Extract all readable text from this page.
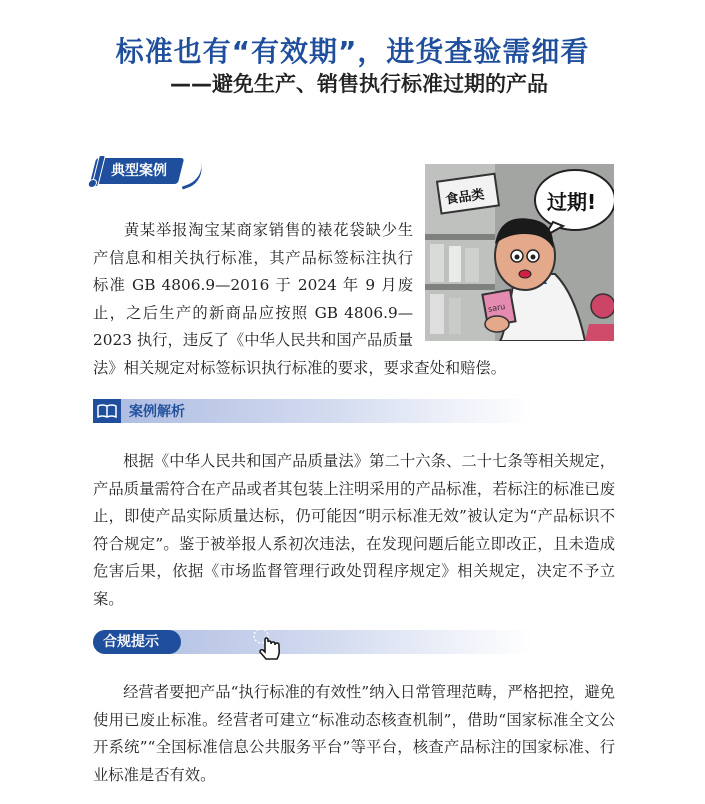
标准也有“有效期”，进货查验需细看
——避免生产、销售执行标准过期的产品
典型案例
食品类	过期!
saru

黄某举报淘宝某商家销售的裱花袋缺少生产信息和相关执行标准，其产品标签标注执行标准 GB 4806.9—2016 于 2024 年 9 月废止，之后生产的新商品应按照 GB 4806.9—2023 执行，违反了《中华人民共和国产品质量法》相关规定对标签标识执行标准的要求，要求查处和赔偿。

案例解析

根据《中华人民共和国产品质量法》第二十六条、二十七条等相关规定，产品质量需符合在产品或者其包装上注明采用的产品标准，若标注的标准已废止，即使产品实际质量达标，仍可能因“明示标准无效”被认定为“产品标识不符合规定”。鉴于被举报人系初次违法，在发现问题后能立即改正，且未造成危害后果，依据《市场监督管理行政处罚程序规定》相关规定，决定不予立案。

合规提示

经营者要把产品“执行标准的有效性”纳入日常管理范畴，严格把控，避免使用已废止标准。经营者可建立“标准动态核查机制”，借助“国家标准全文公开系统”“全国标准信息公共服务平台”等平台，核查产品标注的国家标准、行业标准是否有效。
